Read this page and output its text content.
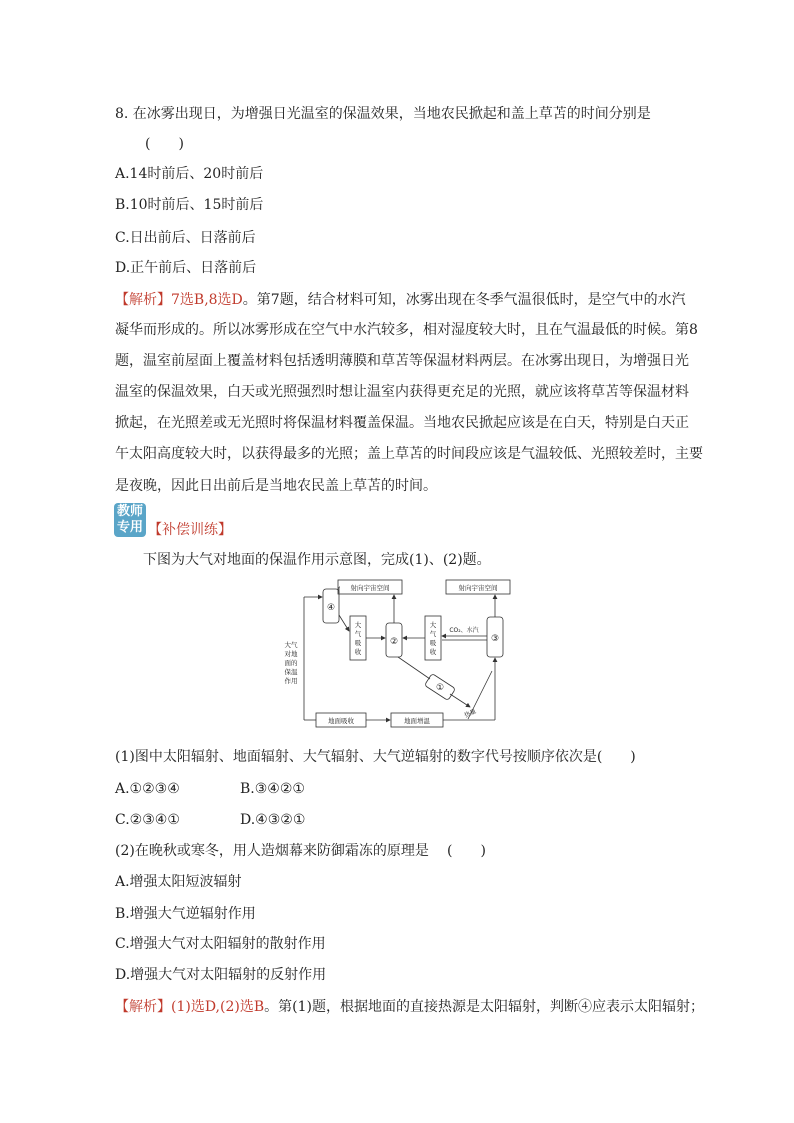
8. 在冰雾出现日，为增强日光温室的保温效果，当地农民掀起和盖上草苫的时间分别是
(　　)
A.14时前后、20时前后
B.10时前后、15时前后
C.日出前后、日落前后
D.正午前后、日落前后
【解析】7选B,8选D。第7题，结合材料可知，冰雾出现在冬季气温很低时，是空气中的水汽
凝华而形成的。所以冰雾形成在空气中水汽较多，相对湿度较大时，且在气温最低的时候。第8
题，温室前屋面上覆盖材料包括透明薄膜和草苫等保温材料两层。在冰雾出现日，为增强日光
温室的保温效果，白天或光照强烈时想让温室内获得更充足的光照，就应该将草苫等保温材料
掀起，在光照差或无光照时将保温材料覆盖保温。当地农民掀起应该是在白天，特别是白天正
午太阳高度较大时，以获得最多的光照；盖上草苫的时间段应该是气温较低、光照较差时，主要
是夜晚，因此日出前后是当地农民盖上草苫的时间。
教师
专用 【补偿训练】
下图为大气对地面的保温作用示意图，完成(1)、(2)题。
射向宇宙空间	射向宇宙空间
④
②	③
①
大
气
吸
收
大
气
吸
收
CO₂、水汽
大气
对地
面的
保温
作用
地面吸收	地面增温
热量
(1)图中太阳辐射、地面辐射、大气辐射、大气逆辐射的数字代号按顺序依次是(　　)
A.①②③④	B.③④②①
C.②③④①	D.④③②①
(2)在晚秋或寒冬，用人造烟幕来防御霜冻的原理是 (　　)
A.增强太阳短波辐射
B.增强大气逆辐射作用
C.增强大气对太阳辐射的散射作用
D.增强大气对太阳辐射的反射作用
【解析】(1)选D,(2)选B。第(1)题，根据地面的直接热源是太阳辐射，判断④应表示太阳辐射；
